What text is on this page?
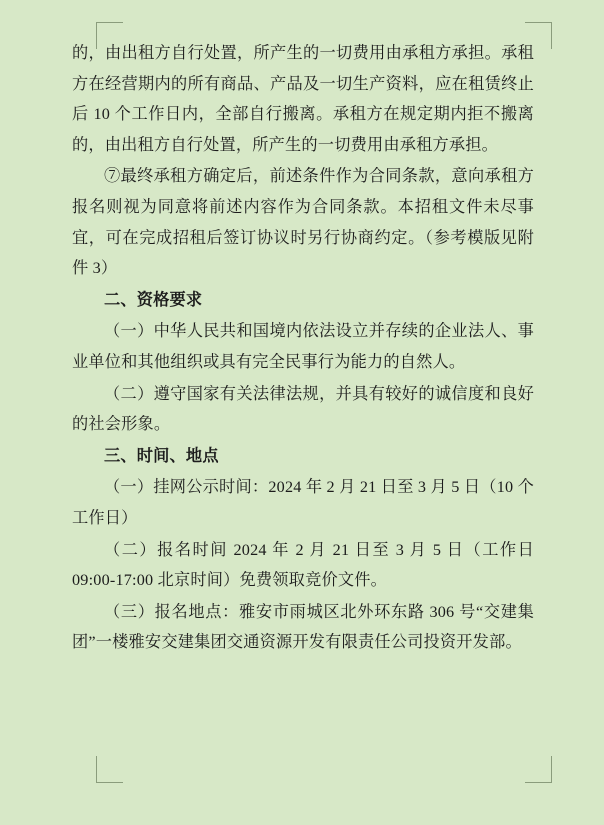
的，由出租方自行处置，所产生的一切费用由承租方承担。承租方在经营期内的所有商品、产品及一切生产资料，应在租赁终止后 10 个工作日内，全部自行搬离。承租方在规定期内拒不搬离的，由出租方自行处置，所产生的一切费用由承租方承担。

⑦最终承租方确定后，前述条件作为合同条款，意向承租方报名则视为同意将前述内容作为合同条款。本招租文件未尽事宜，可在完成招租后签订协议时另行协商约定。（参考模版见附件 3）

二、资格要求

（一）中华人民共和国境内依法设立并存续的企业法人、事业单位和其他组织或具有完全民事行为能力的自然人。

（二）遵守国家有关法律法规，并具有较好的诚信度和良好的社会形象。

三、时间、地点

（一）挂网公示时间：2024 年 2 月 21 日至 3 月 5 日（10 个工作日）

（二）报名时间 2024 年 2 月 21 日至 3 月 5 日（工作日 09:00-17:00 北京时间）免费领取竞价文件。

（三）报名地点：雅安市雨城区北外环东路 306 号“交建集团”一楼雅安交建集团交通资源开发有限责任公司投资开发部。
